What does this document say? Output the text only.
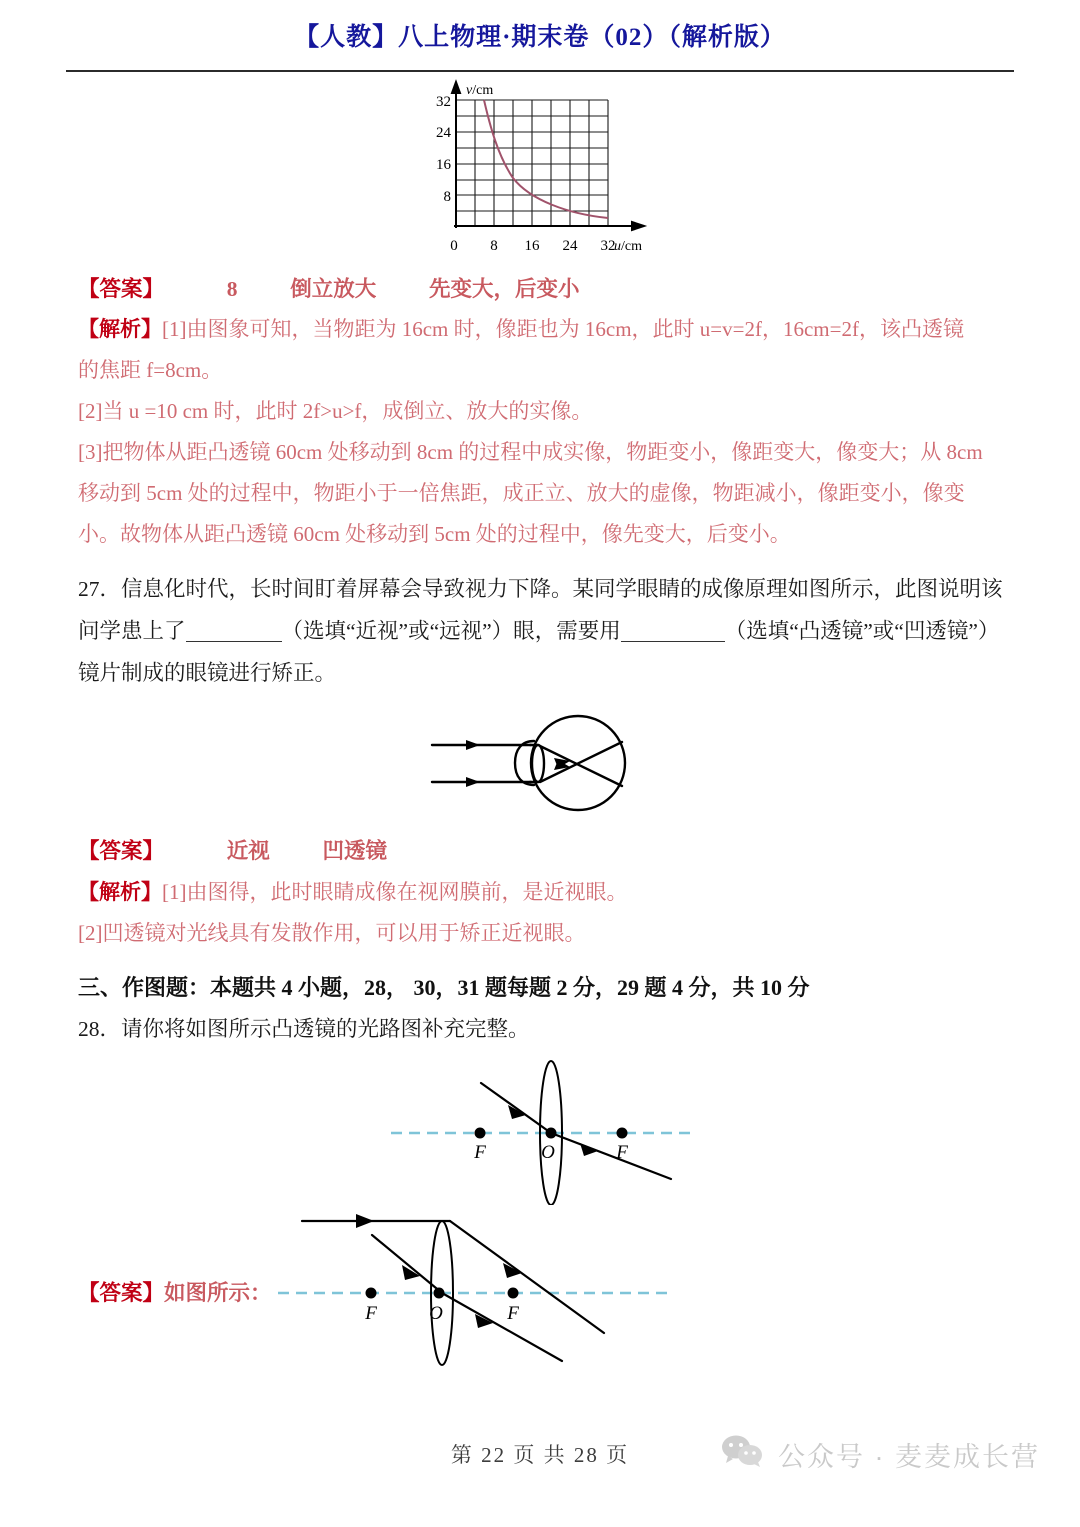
【人教】八上物理·期末卷（02）（解析版）
v/cm
u/cm
32
24
16
8
0 8 16 24 32

【答案】	8 倒立放大 先变大，后变小

【解析】[1]由图象可知，当物距为 16cm 时，像距也为 16cm，此时 u=v=2f，16cm=2f，该凸透镜

的焦距 f=8cm。

[2]当 u =10 cm 时，此时 2f>u>f，成倒立、放大的实像。

[3]把物体从距凸透镜 60cm 处移动到 8cm 的过程中成实像，物距变小，像距变大，像变大；从 8cm

移动到 5cm 处的过程中，物距小于一倍焦距，成正立、放大的虚像，物距减小，像距变小，像变

小。故物体从距凸透镜 60cm 处移动到 5cm 处的过程中，像先变大，后变小。

27．信息化时代，长时间盯着屏幕会导致视力下降。某同学眼睛的成像原理如图所示，此图说明该

问学患上了	（选填“近视”或“远视”）眼，需要用	（选填“凸透镜”或“凹透镜”）

镜片制成的眼镜进行矫正。

【答案】	近视 凹透镜

【解析】[1]由图得，此时眼睛成像在视网膜前，是近视眼。

[2]凹透镜对光线具有发散作用，可以用于矫正近视眼。

三、作图题：本题共 4 小题，28， 30，31 题每题 2 分，29 题 4 分，共 10 分

28．请你将如图所示凸透镜的光路图补充完整。

F	O	F

【答案】如图所示：

F	O	F
第 22 页 共 28 页	公众号 · 麦麦成长营
